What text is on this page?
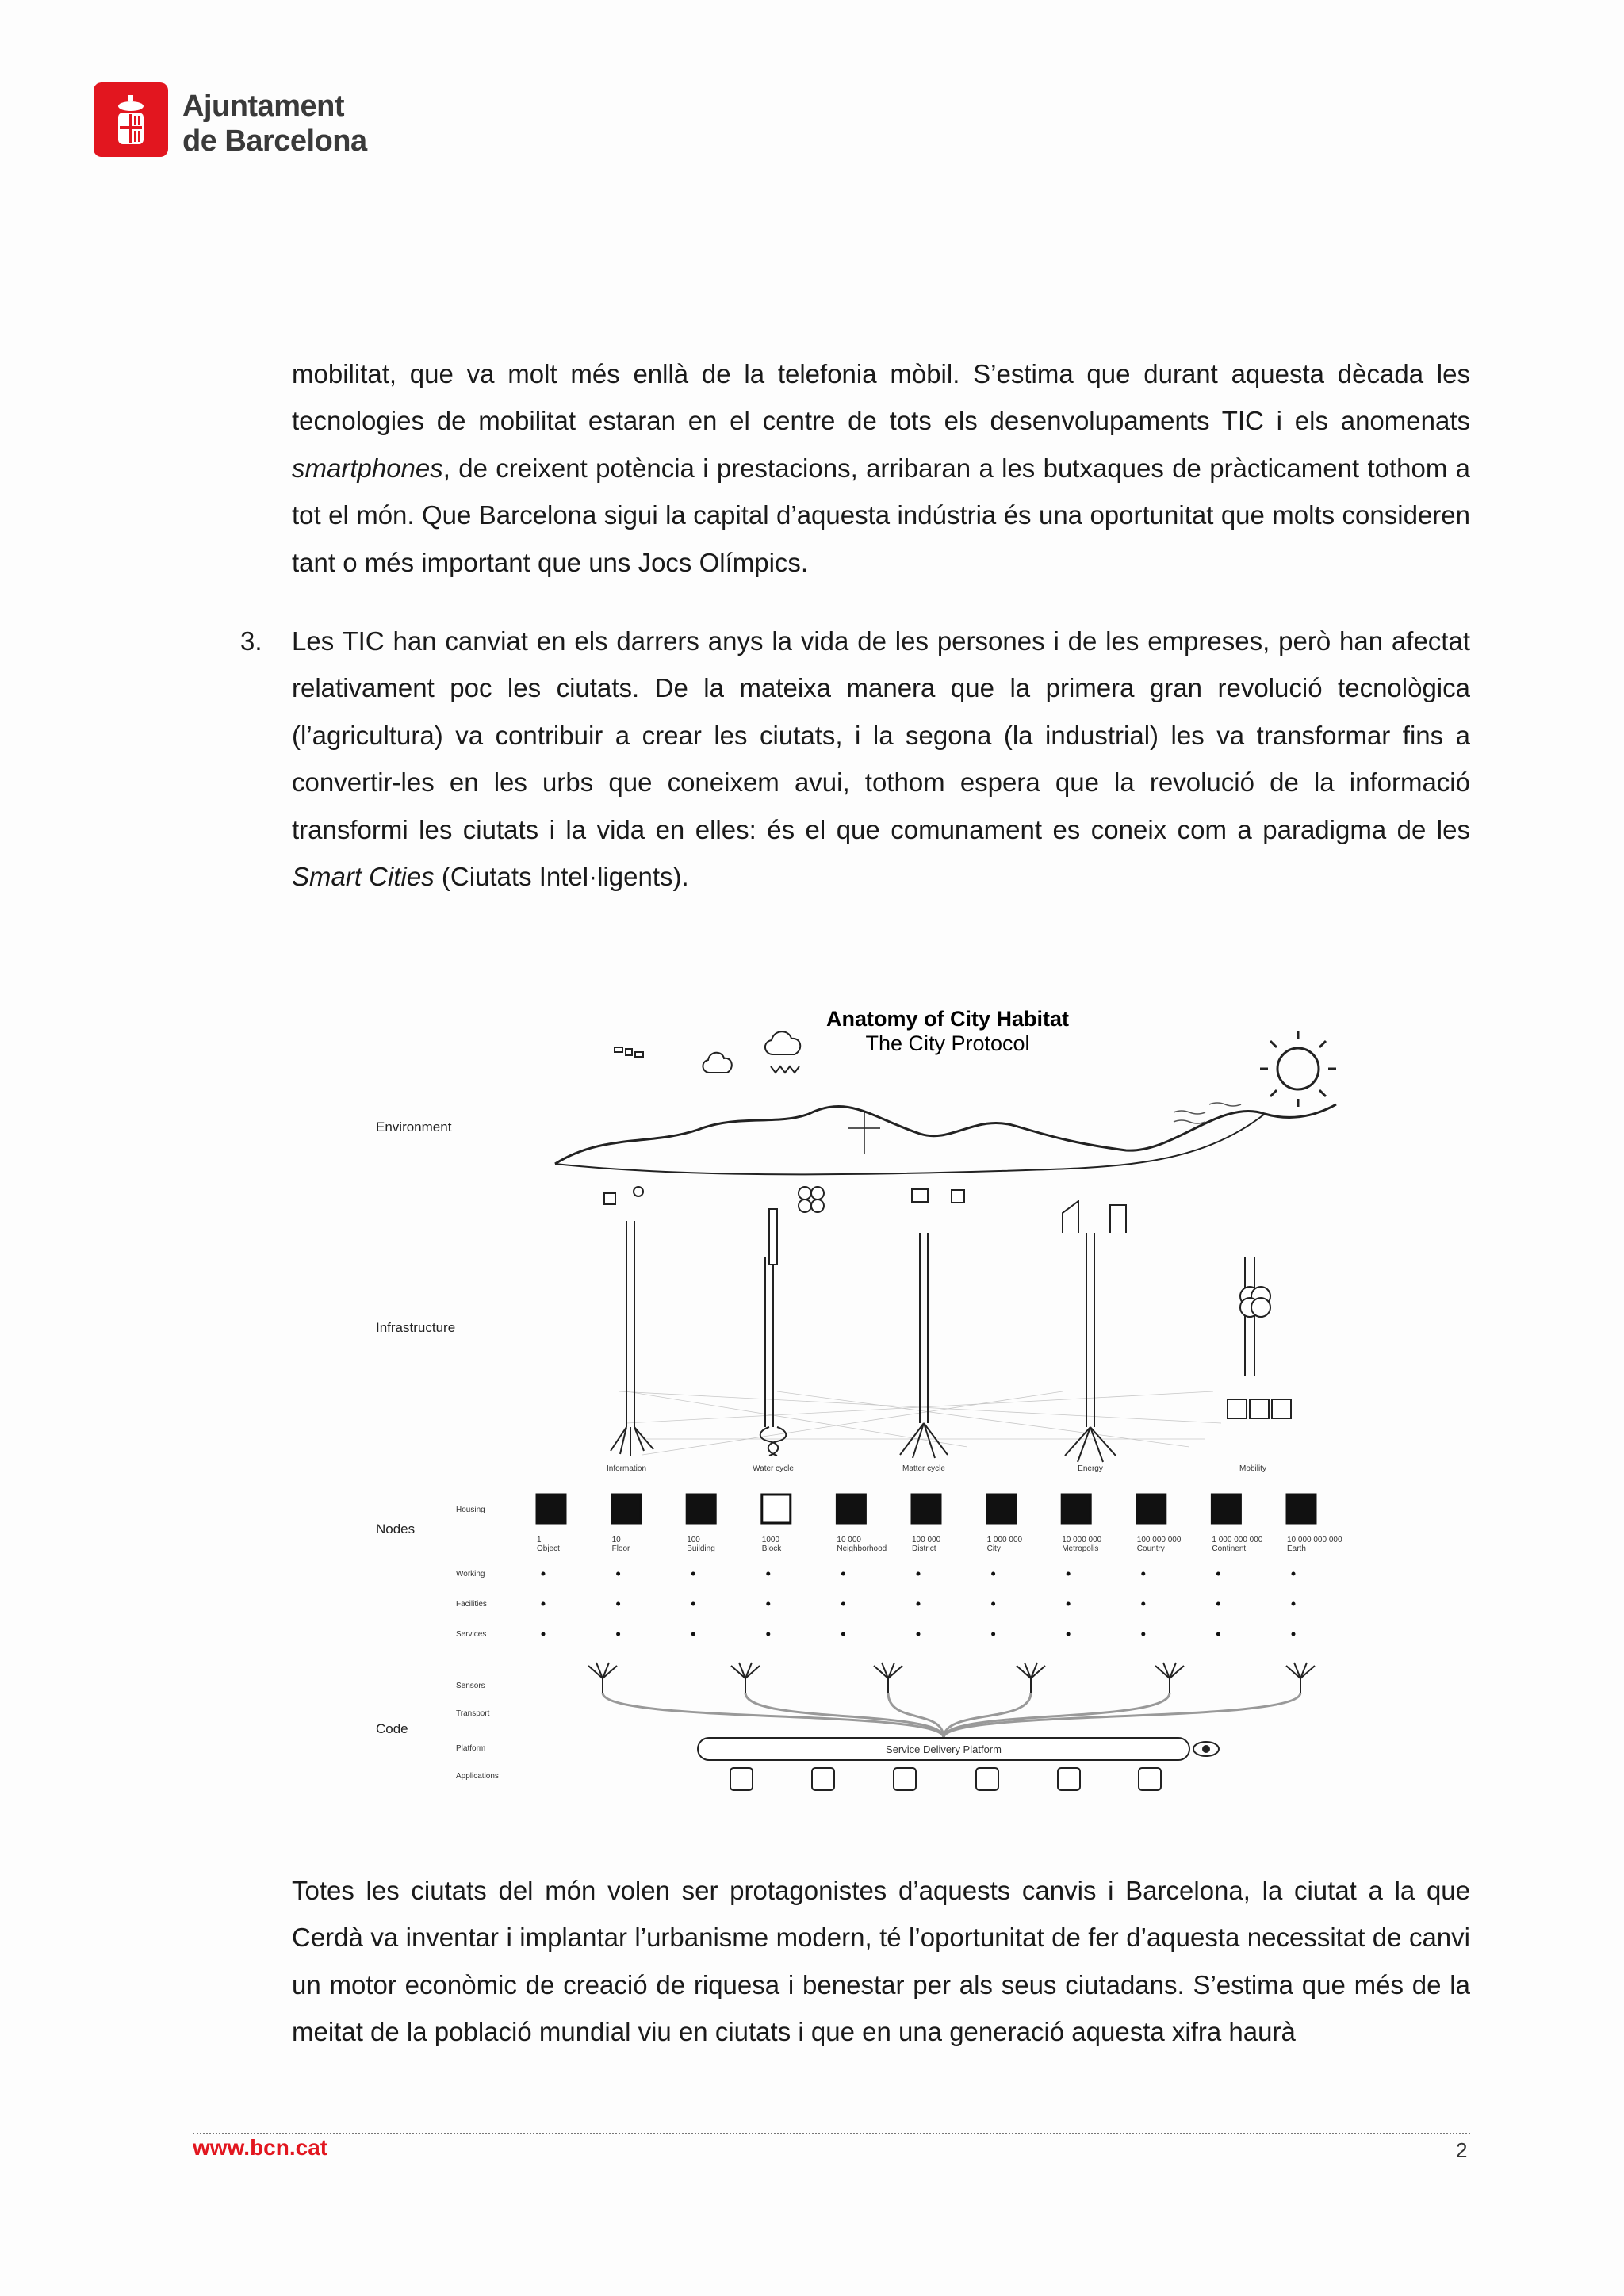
Ajuntament
de Barcelona

mobilitat, que va molt més enllà de la telefonia mòbil. S’estima que durant aquesta dècada les tecnologies de mobilitat estaran en el centre de tots els desenvolupaments TIC i els anomenats smartphones, de creixent potència i prestacions, arribaran a les butxaques de pràcticament tothom a tot el món. Que Barcelona sigui la capital d’aquesta indústria és una oportunitat que molts consideren tant o més important que uns Jocs Olímpics.

3. Les TIC han canviat en els darrers anys la vida de les persones i de les empreses, però han afectat relativament poc les ciutats. De la mateixa manera que la primera gran revolució tecnològica (l’agricultura) va contribuir a crear les ciutats, i la segona (la industrial) les va transformar fins a convertir-les en les urbs que coneixem avui, tothom espera que la revolució de la informació transformi les ciutats i la vida en elles: és el que comunament es coneix com a paradigma de les Smart Cities (Ciutats Intel·ligents).

Anatomy of City Habitat
The City Protocol
Environment
Infrastructure
Nodes
Code
Information	Water cycle	Matter cycle	Energy	Mobility
Housing
Working
Facilities
Services
1
Object
10
Floor
100
Building
1000
Block
10 000
Neighborhood
100 000
District
1 000 000
City
10 000 000
Metropolis
100 000 000
Country
1 000 000 000
Continent
10 000 000 000
Earth
Sensors
Transport
Platform
Applications
Service Delivery Platform

Totes les ciutats del món volen ser protagonistes d’aquests canvis i Barcelona, la ciutat a la que Cerdà va inventar i implantar l’urbanisme modern, té l’oportunitat de fer d’aquesta necessitat de canvi un motor econòmic de creació de riquesa i benestar per als seus ciutadans. S’estima que més de la meitat de la població mundial viu en ciutats i que en una generació aquesta xifra haurà

www.bcn.cat	2
